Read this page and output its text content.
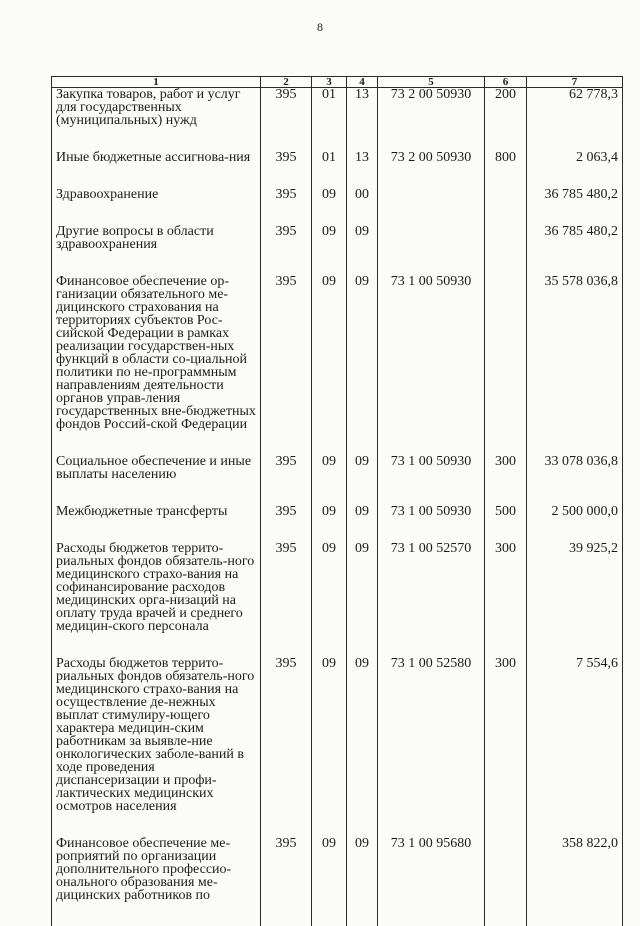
8
1	2	3	4	5	6	7
Закупка товаров, работ и услуг для государственных (муниципальных) нужд	395	01	13	73 2 00 50930	200	62 778,3
Иные бюджетные ассигнова-ния	395	01	13	73 2 00 50930	800	2 063,4
Здравоохранение	395	09	00			36 785 480,2
Другие вопросы в области здравоохранения	395	09	09			36 785 480,2
Финансовое обеспечение ор-ганизации обязательного ме-дицинского страхования на территориях субъектов Рос-сийской Федерации в рамках реализации государствен-ных функций в области со-циальной политики по не-программным направлениям деятельности органов управ-ления государственных вне-бюджетных фондов Россий-ской Федерации	395	09	09	73 1 00 50930		35 578 036,8
Социальное обеспечение и иные выплаты населению	395	09	09	73 1 00 50930	300	33 078 036,8
Межбюджетные трансферты	395	09	09	73 1 00 50930	500	2 500 000,0
Расходы бюджетов террито-риальных фондов обязатель-ного медицинского страхо-вания на софинансирование расходов медицинских орга-низаций на оплату труда врачей и среднего медицин-ского персонала	395	09	09	73 1 00 52570	300	39 925,2
Расходы бюджетов террито-риальных фондов обязатель-ного медицинского страхо-вания на осуществление де-нежных выплат стимулиру-ющего характера медицин-ским работникам за выявле-ние онкологических заболе-ваний в ходе проведения диспансеризации и профи-лактических медицинских осмотров населения	395	09	09	73 1 00 52580	300	7 554,6
Финансовое обеспечение ме-роприятий по организации дополнительного профессио-онального образования ме-дицинских работников по	395	09	09	73 1 00 95680		358 822,0
